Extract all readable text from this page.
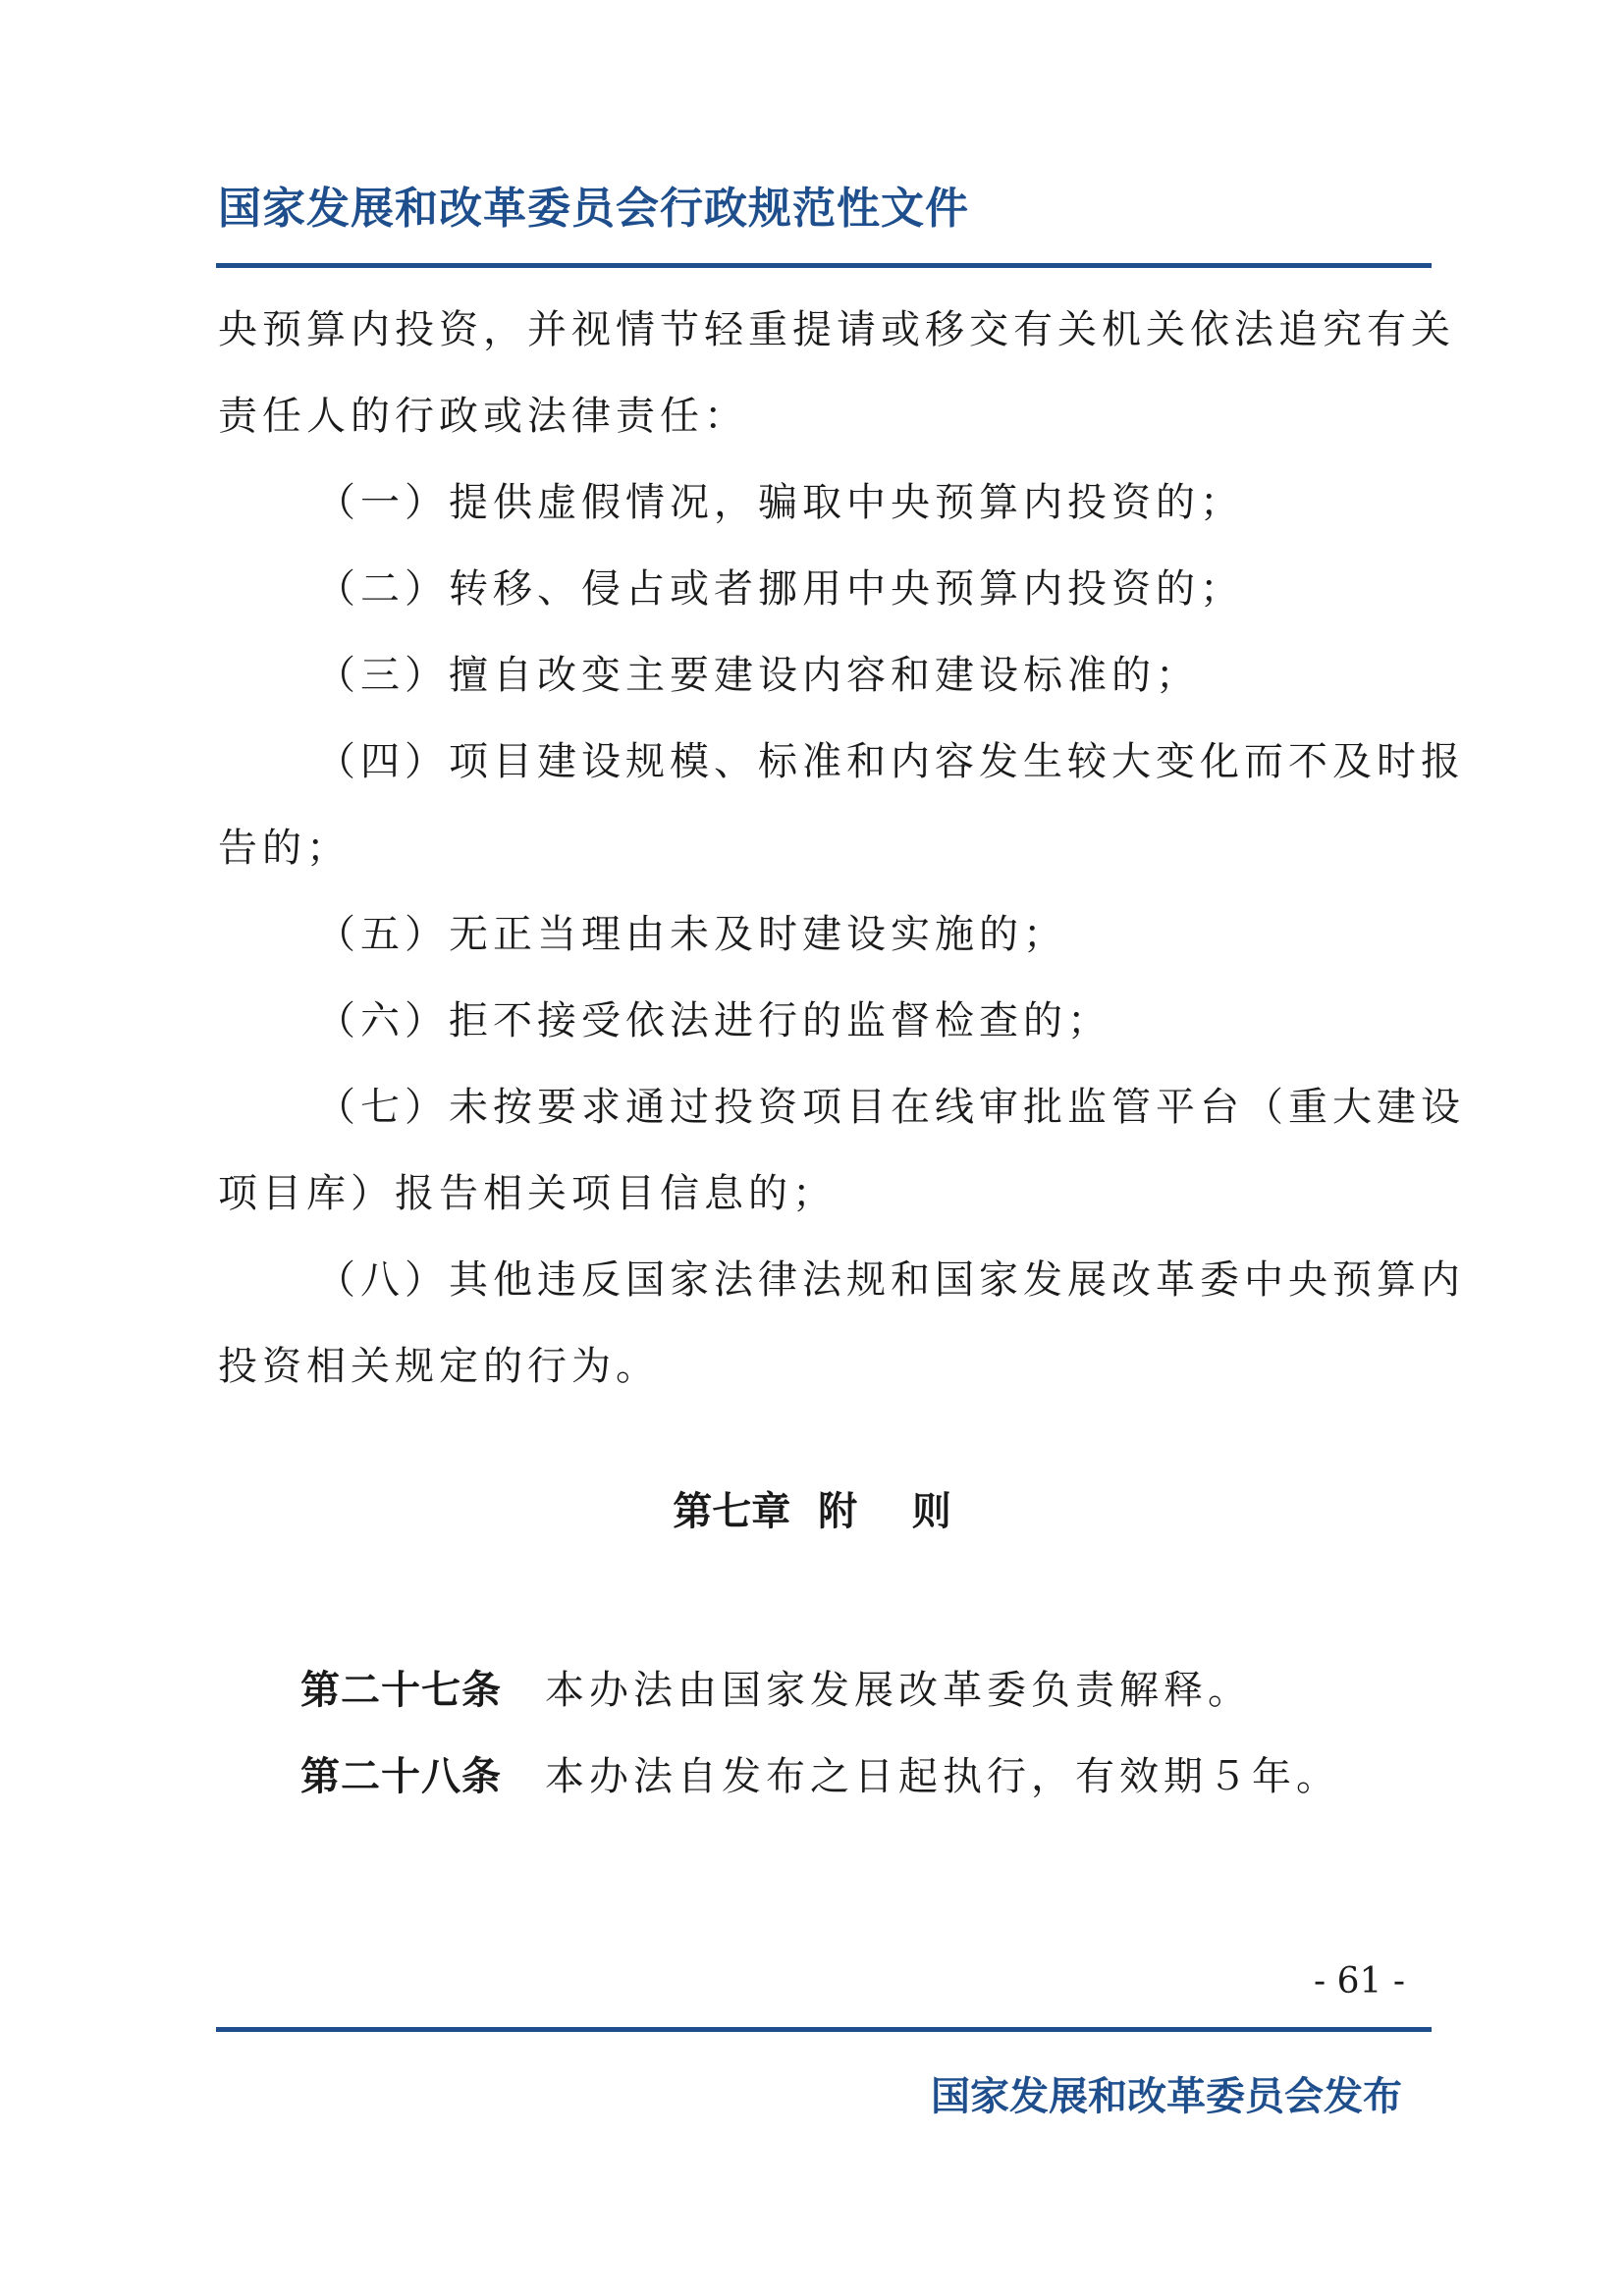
国家发展和改革委员会行政规范性文件

央预算内投资，并视情节轻重提请或移交有关机关依法追究有关

责任人的行政或法律责任：

（一）提供虚假情况，骗取中央预算内投资的；

（二）转移、侵占或者挪用中央预算内投资的；

（三）擅自改变主要建设内容和建设标准的；

（四）项目建设规模、标准和内容发生较大变化而不及时报

告的；

（五）无正当理由未及时建设实施的；

（六）拒不接受依法进行的监督检查的；

（七）未按要求通过投资项目在线审批监管平台（重大建设

项目库）报告相关项目信息的；

（八）其他违反国家法律法规和国家发展改革委中央预算内

投资相关规定的行为。

第七章  附    则
第二十七条 本办法由国家发展改革委负责解释。
第二十八条 本办法自发布之日起执行，有效期５年。
- 61 -
国家发展和改革委员会发布
